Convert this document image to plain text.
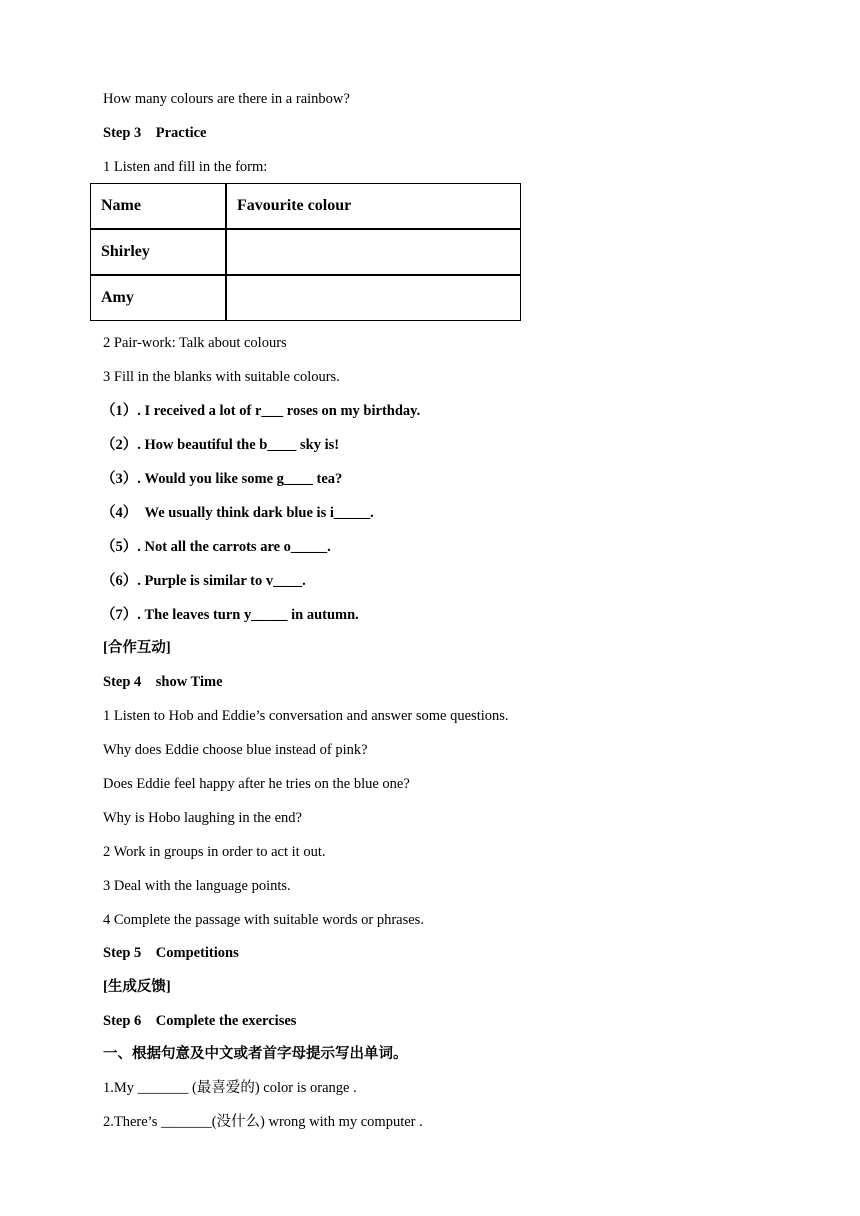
How many colours are there in a rainbow?
Step 3    Practice
1 Listen and fill in the form:
Name	Favourite colour
Shirley	
Amy	
2 Pair-work: Talk about colours
3 Fill in the blanks with suitable colours.
（1）. I received a lot of r___ roses on my birthday.
（2）. How beautiful the b____ sky is!
（3）. Would you like some g____ tea?
（4）  We usually think dark blue is i_____.
（5）. Not all the carrots are o_____.
（6）. Purple is similar to v____.
（7）. The leaves turn y_____ in autumn.
[合作互动]
Step 4    show Time
1 Listen to Hob and Eddie’s conversation and answer some questions.
Why does Eddie choose blue instead of pink?
Does Eddie feel happy after he tries on the blue one?
Why is Hobo laughing in the end?
2 Work in groups in order to act it out.
3 Deal with the language points.
4 Complete the passage with suitable words or phrases.
Step 5    Competitions
[生成反馈]
Step 6    Complete the exercises
一、根据句意及中文或者首字母提示写出单词。
1.My _______ (最喜爱的) color is orange .
2.There’s _______(没什么) wrong with my computer .
